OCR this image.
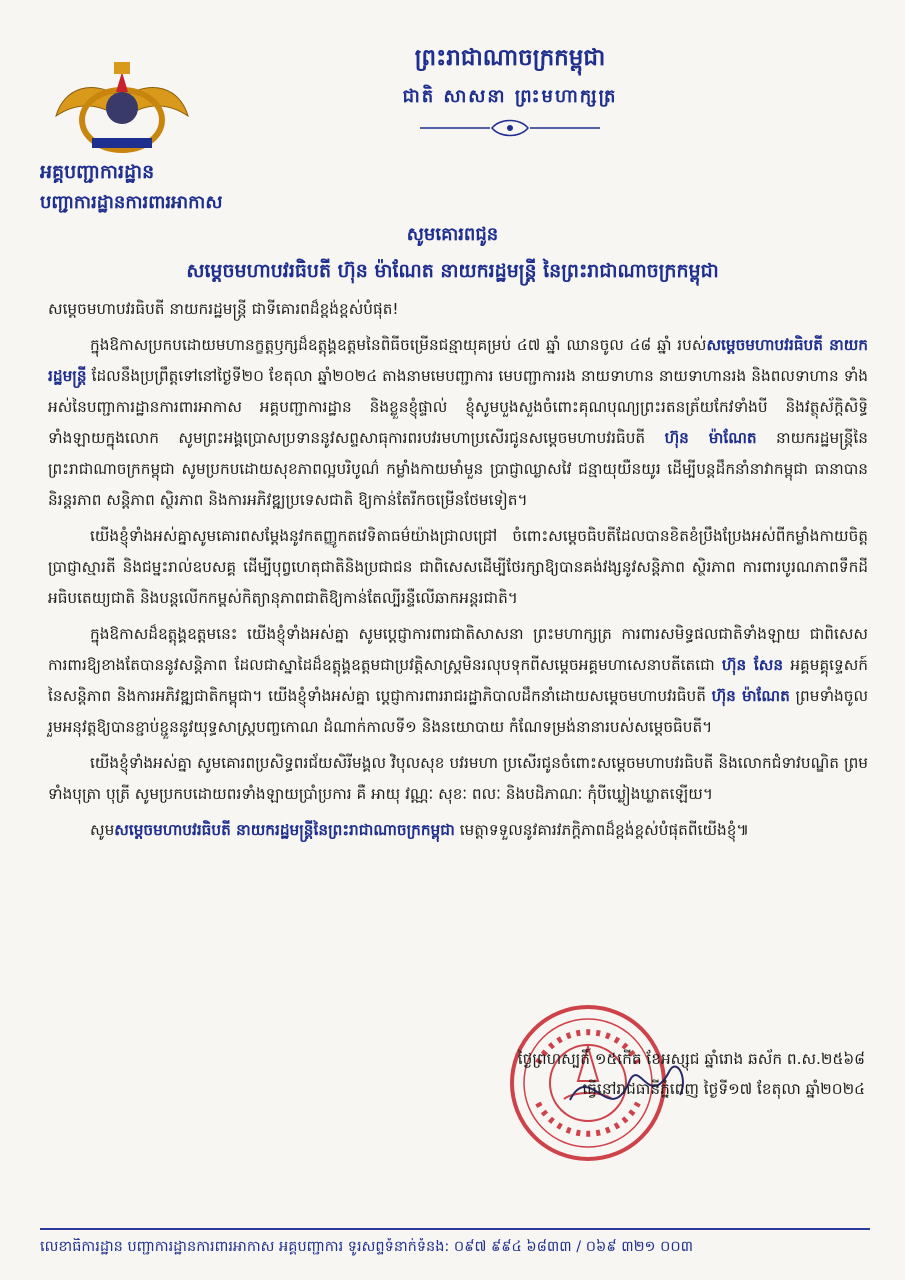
អគ្គបញ្ជាការដ្ឋាន
បញ្ជាការដ្ឋានការពារអាកាស
ព្រះរាជាណាចក្រកម្ពុជា
ជាតិ សាសនា ព្រះមហាក្សត្រ
សូមគោរពជូន
សម្ដេចមហាបវរធិបតី ហ៊ុន ម៉ាណែត នាយករដ្ឋមន្ត្រី នៃព្រះរាជាណាចក្រកម្ពុជា

សម្ដេចមហាបវរធិបតី នាយករដ្ឋមន្ត្រី ជាទីគោរពដ៏ខ្ពង់ខ្ពស់បំផុត!

ក្នុងឱកាសប្រកបដោយមហានក្ខត្តឫក្សដ៏ឧត្ដុង្គឧត្ដមនៃពិធីចម្រើនជន្មាយុគម្រប់ ៤៧ ឆ្នាំ ឈានចូល ៤៨ ឆ្នាំ របស់សម្ដេចមហាបវរធិបតី នាយករដ្ឋមន្ត្រី ដែលនឹងប្រព្រឹត្តទៅនៅថ្ងៃទី២០ ខែតុលា ឆ្នាំ២០២៤ តាងនាមមេបញ្ជាការ មេបញ្ជាការរង នាយទាហាន នាយទាហានរង និងពលទាហាន ទាំងអស់នៃបញ្ជាការដ្ឋានការពារអាកាស អគ្គបញ្ជាការដ្ឋាន និងខ្លួនខ្ញុំផ្ទាល់ ខ្ញុំសូមបួងសួងចំពោះគុណបុណ្យព្រះរតនត្រ័យកែវទាំងបី និងវត្ថុស័ក្តិសិទ្ធិទាំងឡាយក្នុងលោក សូមព្រះអង្គប្រោសប្រទាននូវសព្ទសាធុការពរបវរមហាប្រសើរជូនសម្ដេចមហាបវរធិបតី ហ៊ុន ម៉ាណែត នាយករដ្ឋមន្ត្រីនៃព្រះរាជាណាចក្រកម្ពុជា សូមប្រកបដោយសុខភាពល្អបរិបូណ៌ កម្លាំងកាយមាំមួន ប្រាជ្ញាឈ្លាសវៃ ជន្មាយុយឺនយូរ ដើម្បីបន្តដឹកនាំនាវាកម្ពុជា ធានាបាននិរន្តរភាព សន្តិភាព ស្ថិរភាព និងការអភិវឌ្ឍប្រទេសជាតិ ឱ្យកាន់តែរីកចម្រើនថែមទៀត។

យើងខ្ញុំទាំងអស់គ្នាសូមគោរពសម្ដែងនូវកតញ្ញូកតវេទិតាធម៌យ៉ាងជ្រាលជ្រៅ ចំពោះសម្ដេចធិបតីដែលបានខិតខំប្រឹងប្រែងអស់ពីកម្លាំងកាយចិត្ត ប្រាជ្ញាស្មារតី និងជម្នះរាល់ឧបសគ្គ ដើម្បីបុព្វហេតុជាតិនិងប្រជាជន ជាពិសេសដើម្បីថែរក្សាឱ្យបានគង់វង្សនូវសន្តិភាព ស្ថិរភាព ការពារបូរណភាពទឹកដី អធិបតេយ្យជាតិ និងបន្តលើកកម្ពស់កិត្យានុភាពជាតិឱ្យកាន់តែល្បីរន្ទឺលើឆាកអន្តរជាតិ។

ក្នុងឱកាសដ៏ឧត្ដុង្គឧត្ដមនេះ យើងខ្ញុំទាំងអស់គ្នា សូមប្ដេជ្ញាការពារជាតិសាសនា ព្រះមហាក្សត្រ ការពារសមិទ្ធផលជាតិទាំងឡាយ ជាពិសេសការពារឱ្យខាងតែបាននូវសន្តិភាព ដែលជាស្នាដៃដ៏ឧត្ដុង្គឧត្ដមជាប្រវត្តិសាស្ត្រមិនរលុបទុកពីសម្ដេចអគ្គមហាសេនាបតីតេជោ ហ៊ុន សែន អគ្គមគ្គុទ្ទេសក៍នៃសន្តិភាព និងការអភិវឌ្ឍជាតិកម្ពុជា។ យើងខ្ញុំទាំងអស់គ្នា ប្ដេជ្ញាការពាររាជរដ្ឋាភិបាលដឹកនាំដោយសម្ដេចមហាបវរធិបតី ហ៊ុន ម៉ាណែត ព្រមទាំងចូលរួមអនុវត្តឱ្យបានខ្ជាប់ខ្ជួននូវយុទ្ធសាស្ត្របញ្ចកោណ ដំណាក់កាលទី១ និងនយោបាយ កំណែទម្រង់នានារបស់សម្ដេចធិបតី។

យើងខ្ញុំទាំងអស់គ្នា សូមគោរពប្រសិទ្ធពរជ័យសិរីមង្គល វិបុលសុខ បវរមហា ប្រសើរជូនចំពោះសម្ដេចមហាបវរធិបតី និងលោកជំទាវបណ្ឌិត ព្រមទាំងបុត្រា បុត្រី សូមប្រកបដោយពរទាំងឡាយប្រាំប្រការ គឺ អាយុ វណ្ណៈ សុខៈ ពលៈ និងបដិភាណៈ កុំបីឃ្លៀងឃ្លាតឡើយ។

សូមសម្ដេចមហាបវរធិបតី នាយករដ្ឋមន្ត្រីនៃព្រះរាជាណាចក្រកម្ពុជា មេត្តាទទួលនូវគារវភក្តិភាពដ៏ខ្ពង់ខ្ពស់បំផុតពីយើងខ្ញុំ៕

ថ្ងៃព្រហស្បតិ៍ ១៥កើត ខែអស្សុជ ឆ្នាំរោង ឆស័ក ព.ស.២៥៦៨
ធ្វើនៅរាជធានីភ្នំពេញ ថ្ងៃទី១៧ ខែតុលា ឆ្នាំ២០២៤
លេខាធិការដ្ឋាន បញ្ជាការដ្ឋានការពារអាកាស អគ្គបញ្ជាការ ទូរសព្ទទំនាក់ទំនង: ០៩៧ ៩៩៤ ៦៨៣៣ / ០៦៩ ៣២១ ០០៣
